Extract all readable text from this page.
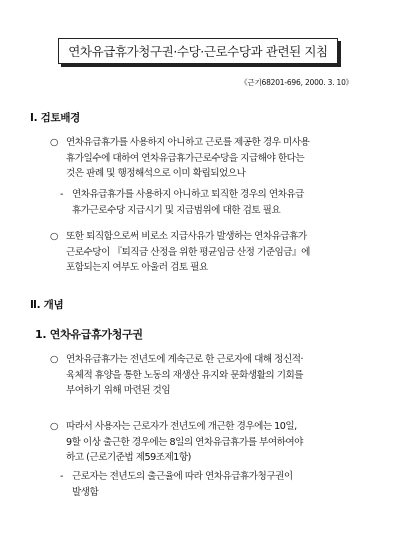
연차유급휴가청구권·수당·근로수당과 관련된 지침
《근기68201-696, 2000. 3. 10》
Ⅰ. 검토배경
○ 연차유급휴가를 사용하지 아니하고 근로를 제공한 경우 미사용
휴가일수에 대하여 연차유급휴가근로수당을 지급해야 한다는
것은 판례 및 행정해석으로 이미 확립되었으나
- 연차유급휴가를 사용하지 아니하고 퇴직한 경우의 연차유급
휴가근로수당 지급시기 및 지급범위에 대한 검토 필요
○ 또한 퇴직함으로써 비로소 지급사유가 발생하는 연차유급휴가
근로수당이 『퇴직금 산정을 위한 평균임금 산정 기준임금』에
포함되는지 여부도 아울러 검토 필요
Ⅱ. 개념
1. 연차유급휴가청구권
○ 연차유급휴가는 전년도에 계속근로 한 근로자에 대해 정신적·
육체적 휴양을 통한 노동의 재생산 유지와 문화생활의 기회를
부여하기 위해 마련된 것임
○ 따라서 사용자는 근로자가 전년도에 개근한 경우에는 10일,
9할 이상 출근한 경우에는 8일의 연차유급휴가를 부여하여야
하고 (근로기준법 제59조제1항)
- 근로자는 전년도의 출근율에 따라 연차유급휴가청구권이
발생함
